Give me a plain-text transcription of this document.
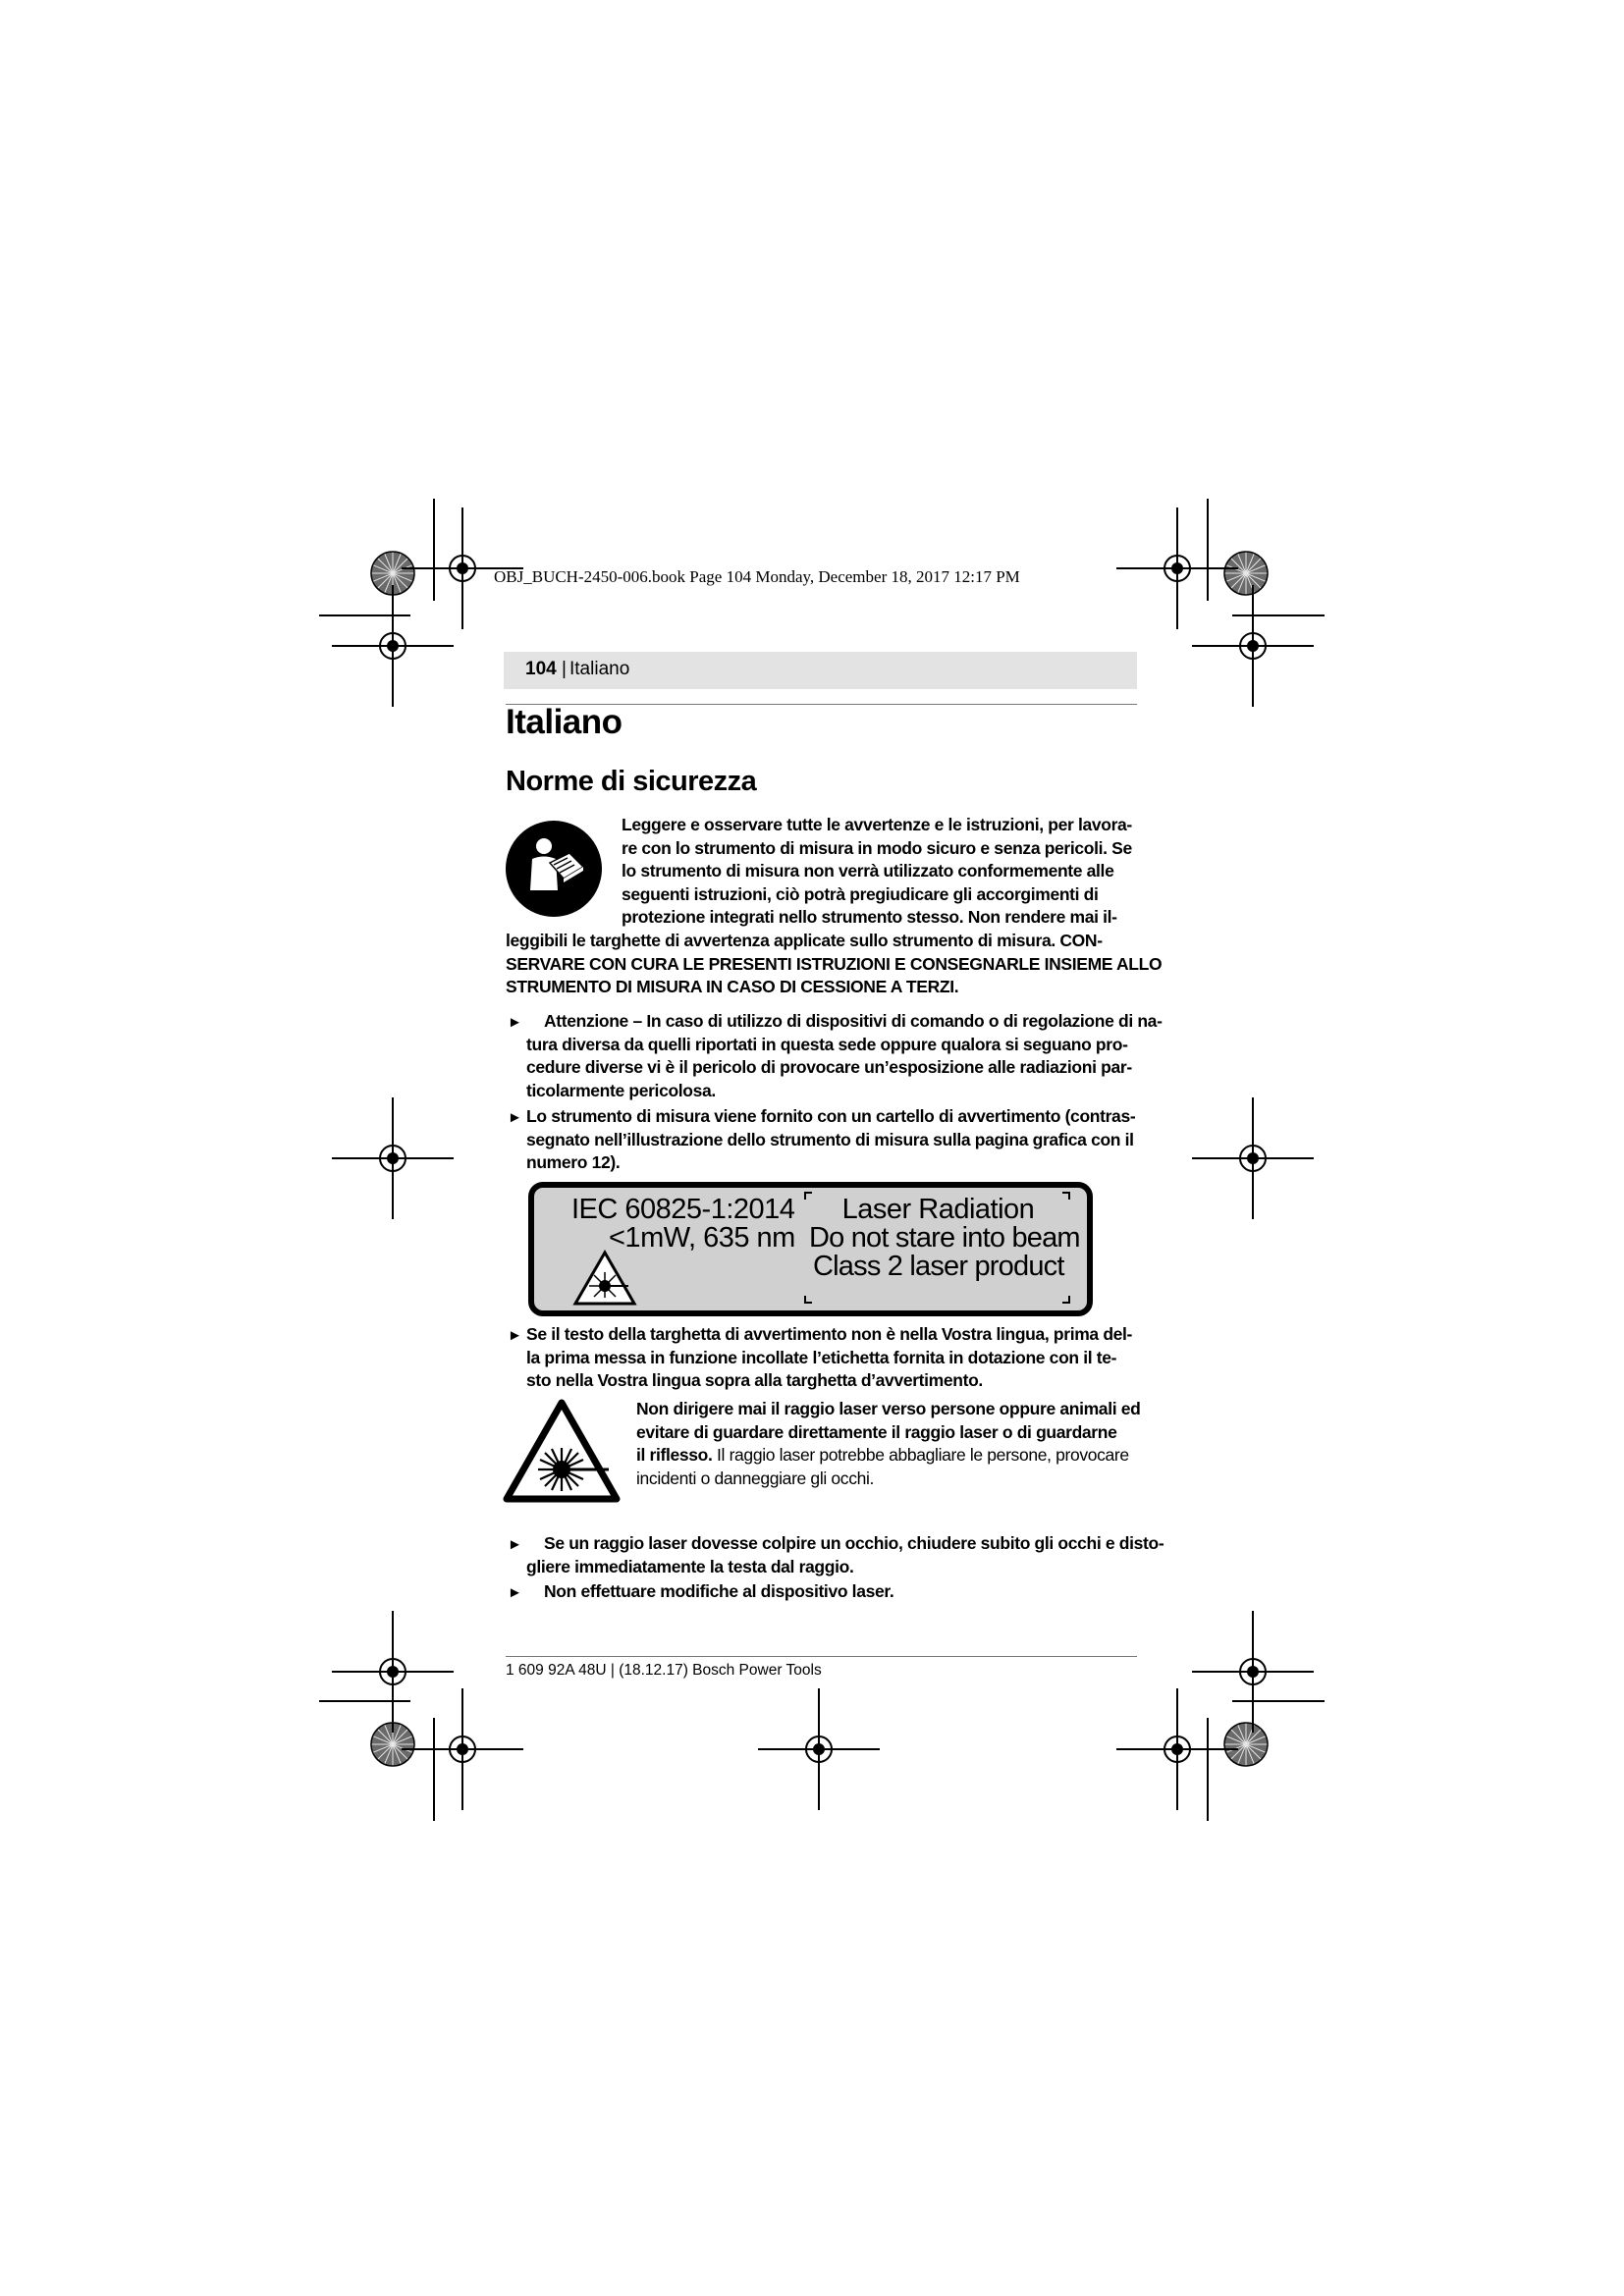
OBJ_BUCH-2450-006.book Page 104 Monday, December 18, 2017 12:17 PM
104 | Italiano
Italiano
Norme di sicurezza
Leggere e osservare tutte le avvertenze e le istruzioni, per lavora-
re con lo strumento di misura in modo sicuro e senza pericoli. Se
lo strumento di misura non verrà utilizzato conformemente alle
seguenti istruzioni, ciò potrà pregiudicare gli accorgimenti di
protezione integrati nello strumento stesso. Non rendere mai il-
leggibili le targhette di avvertenza applicate sullo strumento di misura. CON-
SERVARE CON CURA LE PRESENTI ISTRUZIONI E CONSEGNARLE INSIEME ALLO
STRUMENTO DI MISURA IN CASO DI CESSIONE A TERZI.
►	Attenzione – In caso di utilizzo di dispositivi di comando o di regolazione di na-
tura diversa da quelli riportati in questa sede oppure qualora si seguano pro-
cedure diverse vi è il pericolo di provocare un’esposizione alle radiazioni par-
ticolarmente pericolosa.
► Lo strumento di misura viene fornito con un cartello di avvertimento (contras-
segnato nell’illustrazione dello strumento di misura sulla pagina grafica con il
numero 12).
IEC 60825-1:2014
<1mW, 635 nm
Laser Radiation
Do not stare into beam
Class 2 laser product
► Se il testo della targhetta di avvertimento non è nella Vostra lingua, prima del-
la prima messa in funzione incollate l’etichetta fornita in dotazione con il te-
sto nella Vostra lingua sopra alla targhetta d’avvertimento.
Non dirigere mai il raggio laser verso persone oppure animali ed
evitare di guardare direttamente il raggio laser o di guardarne
il riflesso. Il raggio laser potrebbe abbagliare le persone, provocare
incidenti o danneggiare gli occhi.
►	Se un raggio laser dovesse colpire un occhio, chiudere subito gli occhi e disto-
gliere immediatamente la testa dal raggio.
►	Non effettuare modifiche al dispositivo laser.
1 609 92A 48U | (18.12.17) Bosch Power Tools
